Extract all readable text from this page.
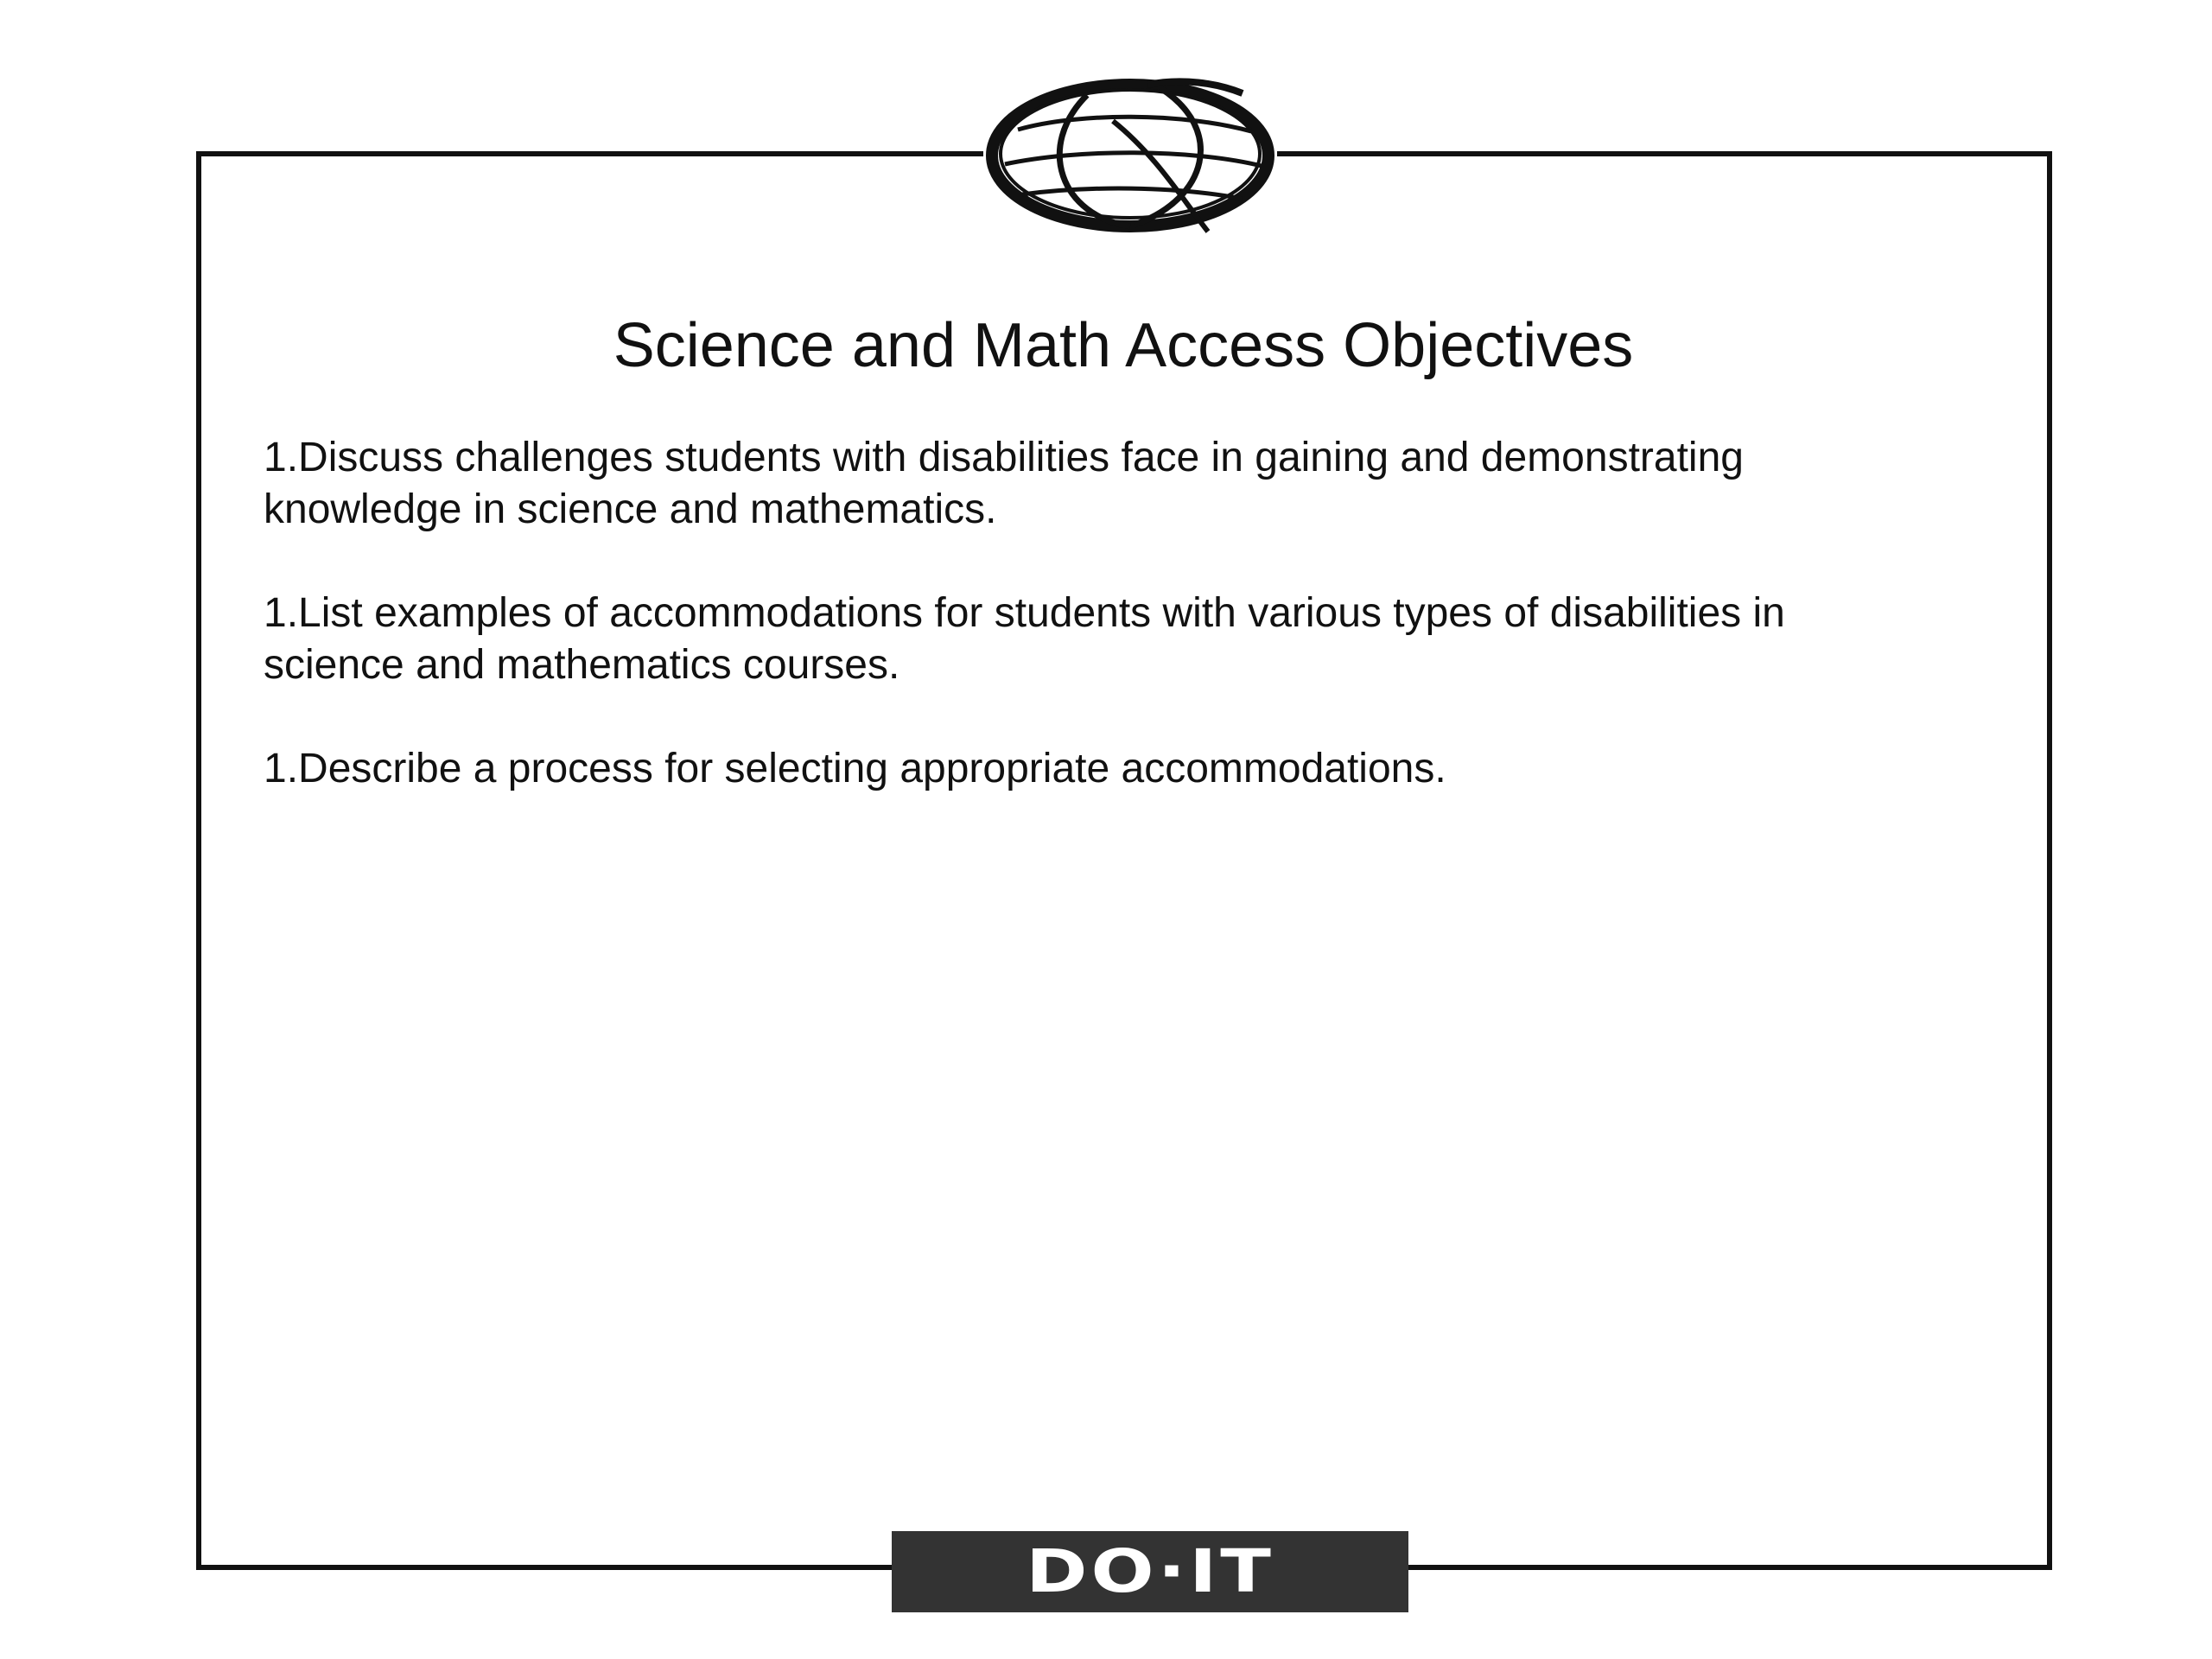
Science and Math Access Objectives
1.Discuss challenges students with disabilities face in gaining and demonstrating knowledge in science and mathematics.
1.List examples of accommodations for students with various types of disabilities in science and mathematics courses.
1.Describe a process for selecting appropriate accommodations.
DO·IT
